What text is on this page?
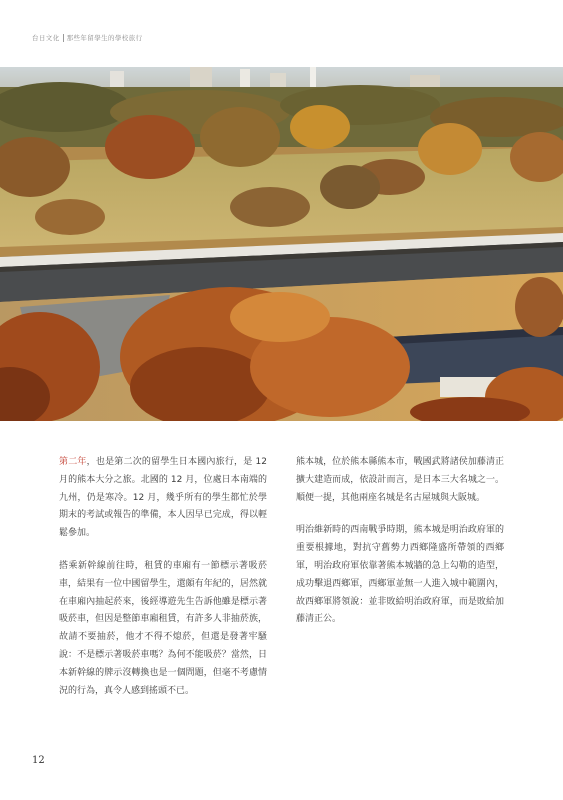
台日文化 那些年留學生的學校旅行

第二年，也是第二次的留學生日本國內旅行，是 12 月的熊本大分之旅。北國的 12 月，位處日本南端的九州，仍是寒冷。12 月，幾乎所有的學生都忙於學期末的考試或報告的準備，本人因早已完成，得以輕鬆參加。

搭乘新幹線前往時，租賃的車廂有一節標示著吸菸車，結果有一位中國留學生，還頗有年紀的，居然就在車廂內抽起菸來，後經導遊先生告訴他雖是標示著吸菸車，但因是整節車廂租賃，有許多人非抽菸族，故請不要抽菸，他才不得不熄菸，但還是發著牢騷說：不是標示著吸菸車嗎？為何不能吸菸？當然，日本新幹線的牌示沒轉換也是一個問題，但毫不考慮情況的行為，真令人感到搖頭不已。

熊本城，位於熊本縣熊本市，戰國武將諸侯加藤清正擴大建造而成，依設計而言，是日本三大名城之一。順便一提，其他兩座名城是名古屋城與大阪城。

明治維新時的西南戰爭時期，熊本城是明治政府軍的重要根據地，對抗守舊勢力西鄉隆盛所帶領的西鄉軍，明治政府軍依靠著熊本城牆的急上勾勒的造型，成功擊退西鄉軍，西鄉軍並無一人進入城中範圍內，故西鄉軍將領說：並非敗給明治政府軍，而是敗給加藤清正公。

12
